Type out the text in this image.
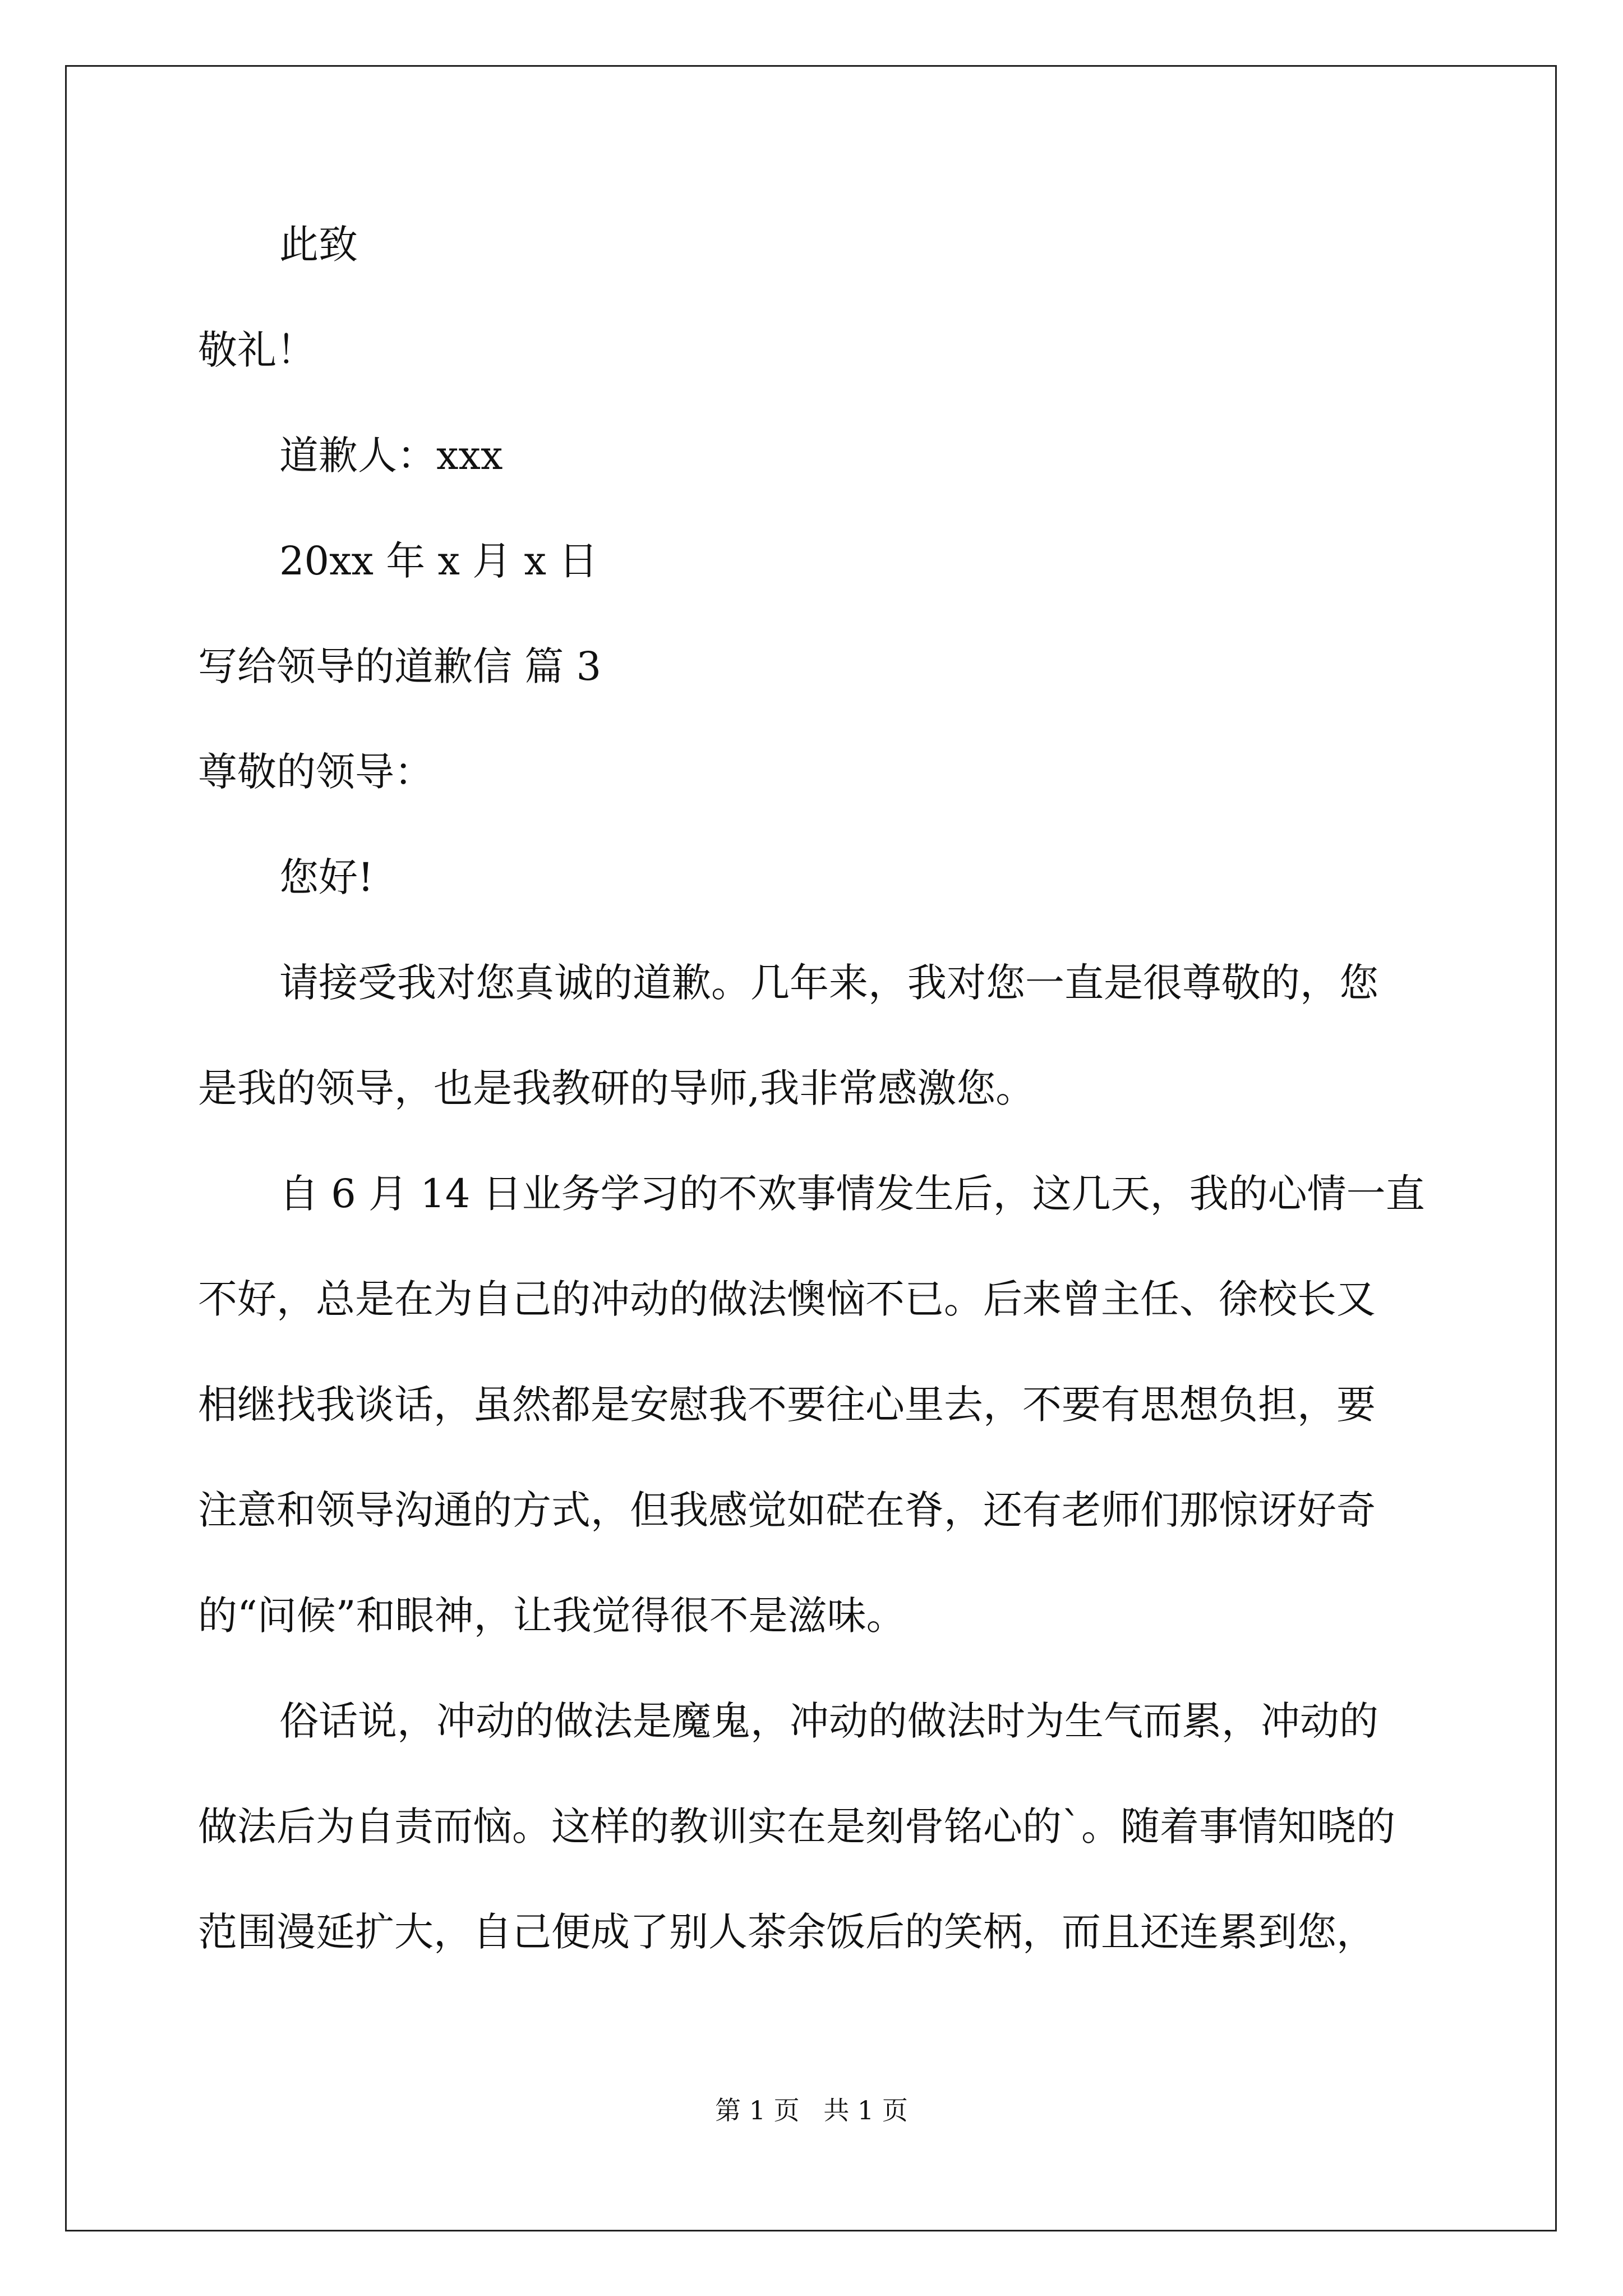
此致
敬礼！
道歉人：xxx
20xx 年 x 月 x 日
写给领导的道歉信 篇 3
尊敬的领导：
您好!
请接受我对您真诚的道歉。几年来，我对您一直是很尊敬的，您
是我的领导，也是我教研的导师,我非常感激您。
自 6 月 14 日业务学习的不欢事情发生后，这几天，我的心情一直
不好，总是在为自己的冲动的做法懊恼不已。后来曾主任、徐校长又
相继找我谈话，虽然都是安慰我不要往心里去，不要有思想负担，要
注意和领导沟通的方式，但我感觉如硭在脊，还有老师们那惊讶好奇
的“问候”和眼神，让我觉得很不是滋味。
俗话说，冲动的做法是魔鬼，冲动的做法时为生气而累，冲动的
做法后为自责而恼。这样的教训实在是刻骨铭心的`。随着事情知晓的
范围漫延扩大，自己便成了别人茶余饭后的笑柄，而且还连累到您，
第 1 页 共 1 页
